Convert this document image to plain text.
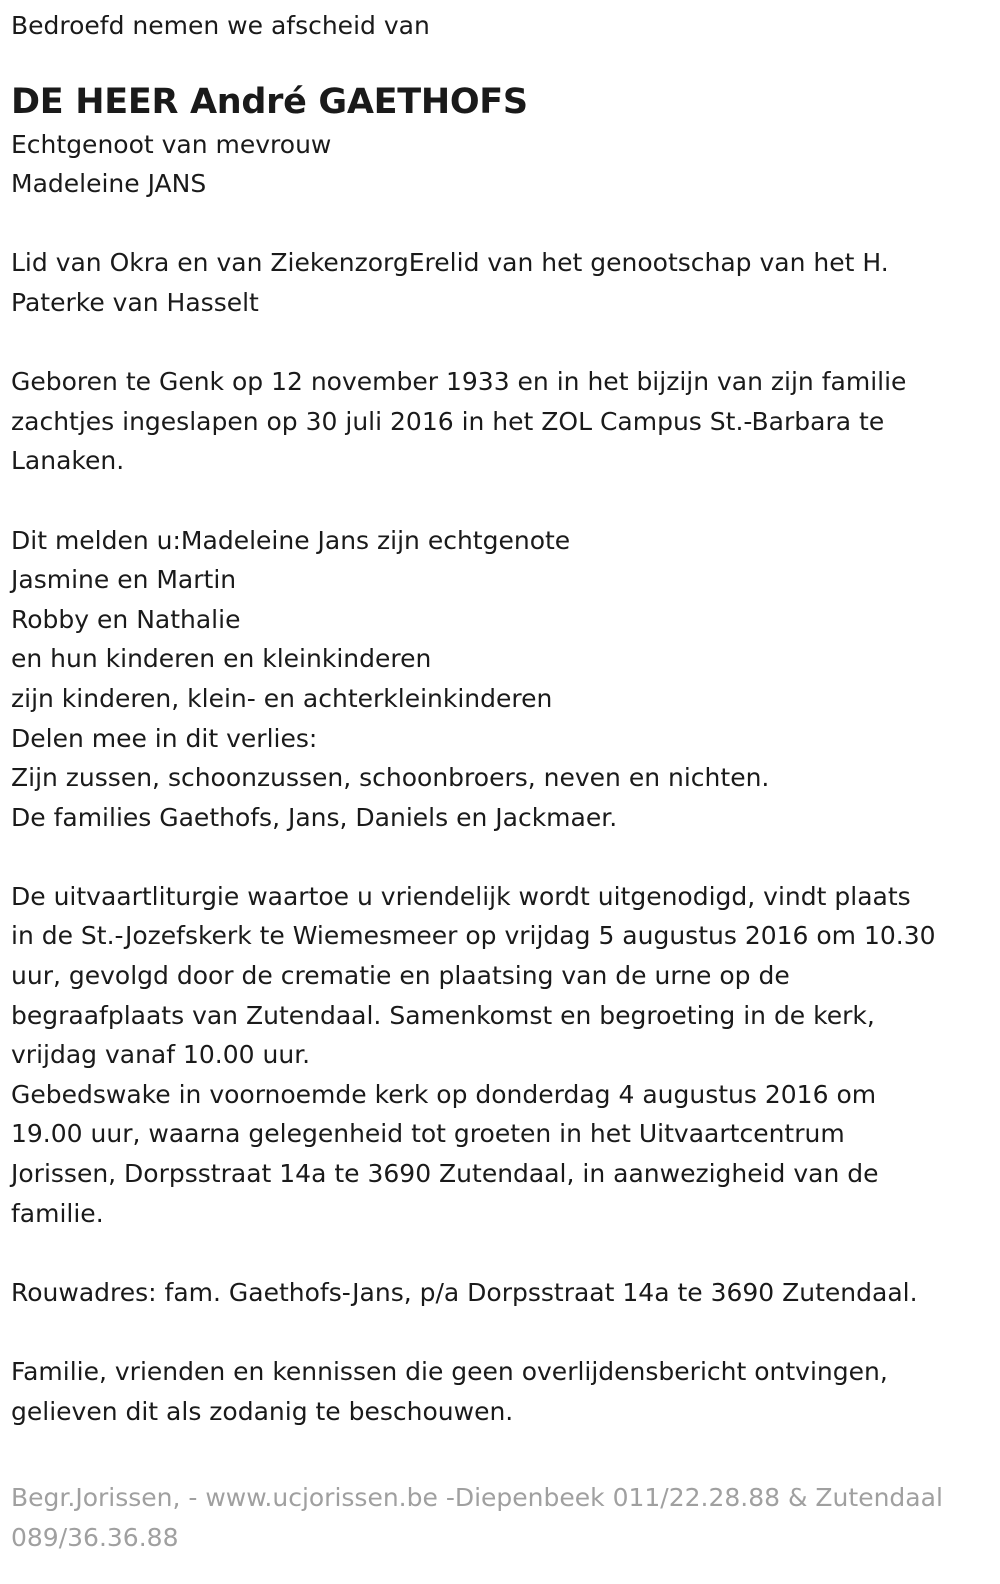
Bedroefd nemen we afscheid van
DE HEER André GAETHOFS
Echtgenoot van mevrouw
Madeleine JANS
Lid van Okra en van ZiekenzorgErelid van het genootschap van het H.
Paterke van Hasselt
Geboren te Genk op 12 november 1933 en in het bijzijn van zijn familie
zachtjes ingeslapen op 30 juli 2016 in het ZOL Campus St.-Barbara te
Lanaken.
Dit melden u:Madeleine Jans zijn echtgenote
Jasmine en Martin
Robby en Nathalie
en hun kinderen en kleinkinderen
zijn kinderen, klein- en achterkleinkinderen
Delen mee in dit verlies:
Zijn zussen, schoonzussen, schoonbroers, neven en nichten.
De families Gaethofs, Jans, Daniels en Jackmaer.
De uitvaartliturgie waartoe u vriendelijk wordt uitgenodigd, vindt plaats
in de St.-Jozefskerk te Wiemesmeer op vrijdag 5 augustus 2016 om 10.30
uur, gevolgd door de crematie en plaatsing van de urne op de
begraafplaats van Zutendaal. Samenkomst en begroeting in de kerk,
vrijdag vanaf 10.00 uur.
Gebedswake in voornoemde kerk op donderdag 4 augustus 2016 om
19.00 uur, waarna gelegenheid tot groeten in het Uitvaartcentrum
Jorissen, Dorpsstraat 14a te 3690 Zutendaal, in aanwezigheid van de
familie.
Rouwadres: fam. Gaethofs-Jans, p/a Dorpsstraat 14a te 3690 Zutendaal.
Familie, vrienden en kennissen die geen overlijdensbericht ontvingen,
gelieven dit als zodanig te beschouwen.
Begr.Jorissen, - www.ucjorissen.be -Diepenbeek 011/22.28.88 & Zutendaal
089/36.36.88
